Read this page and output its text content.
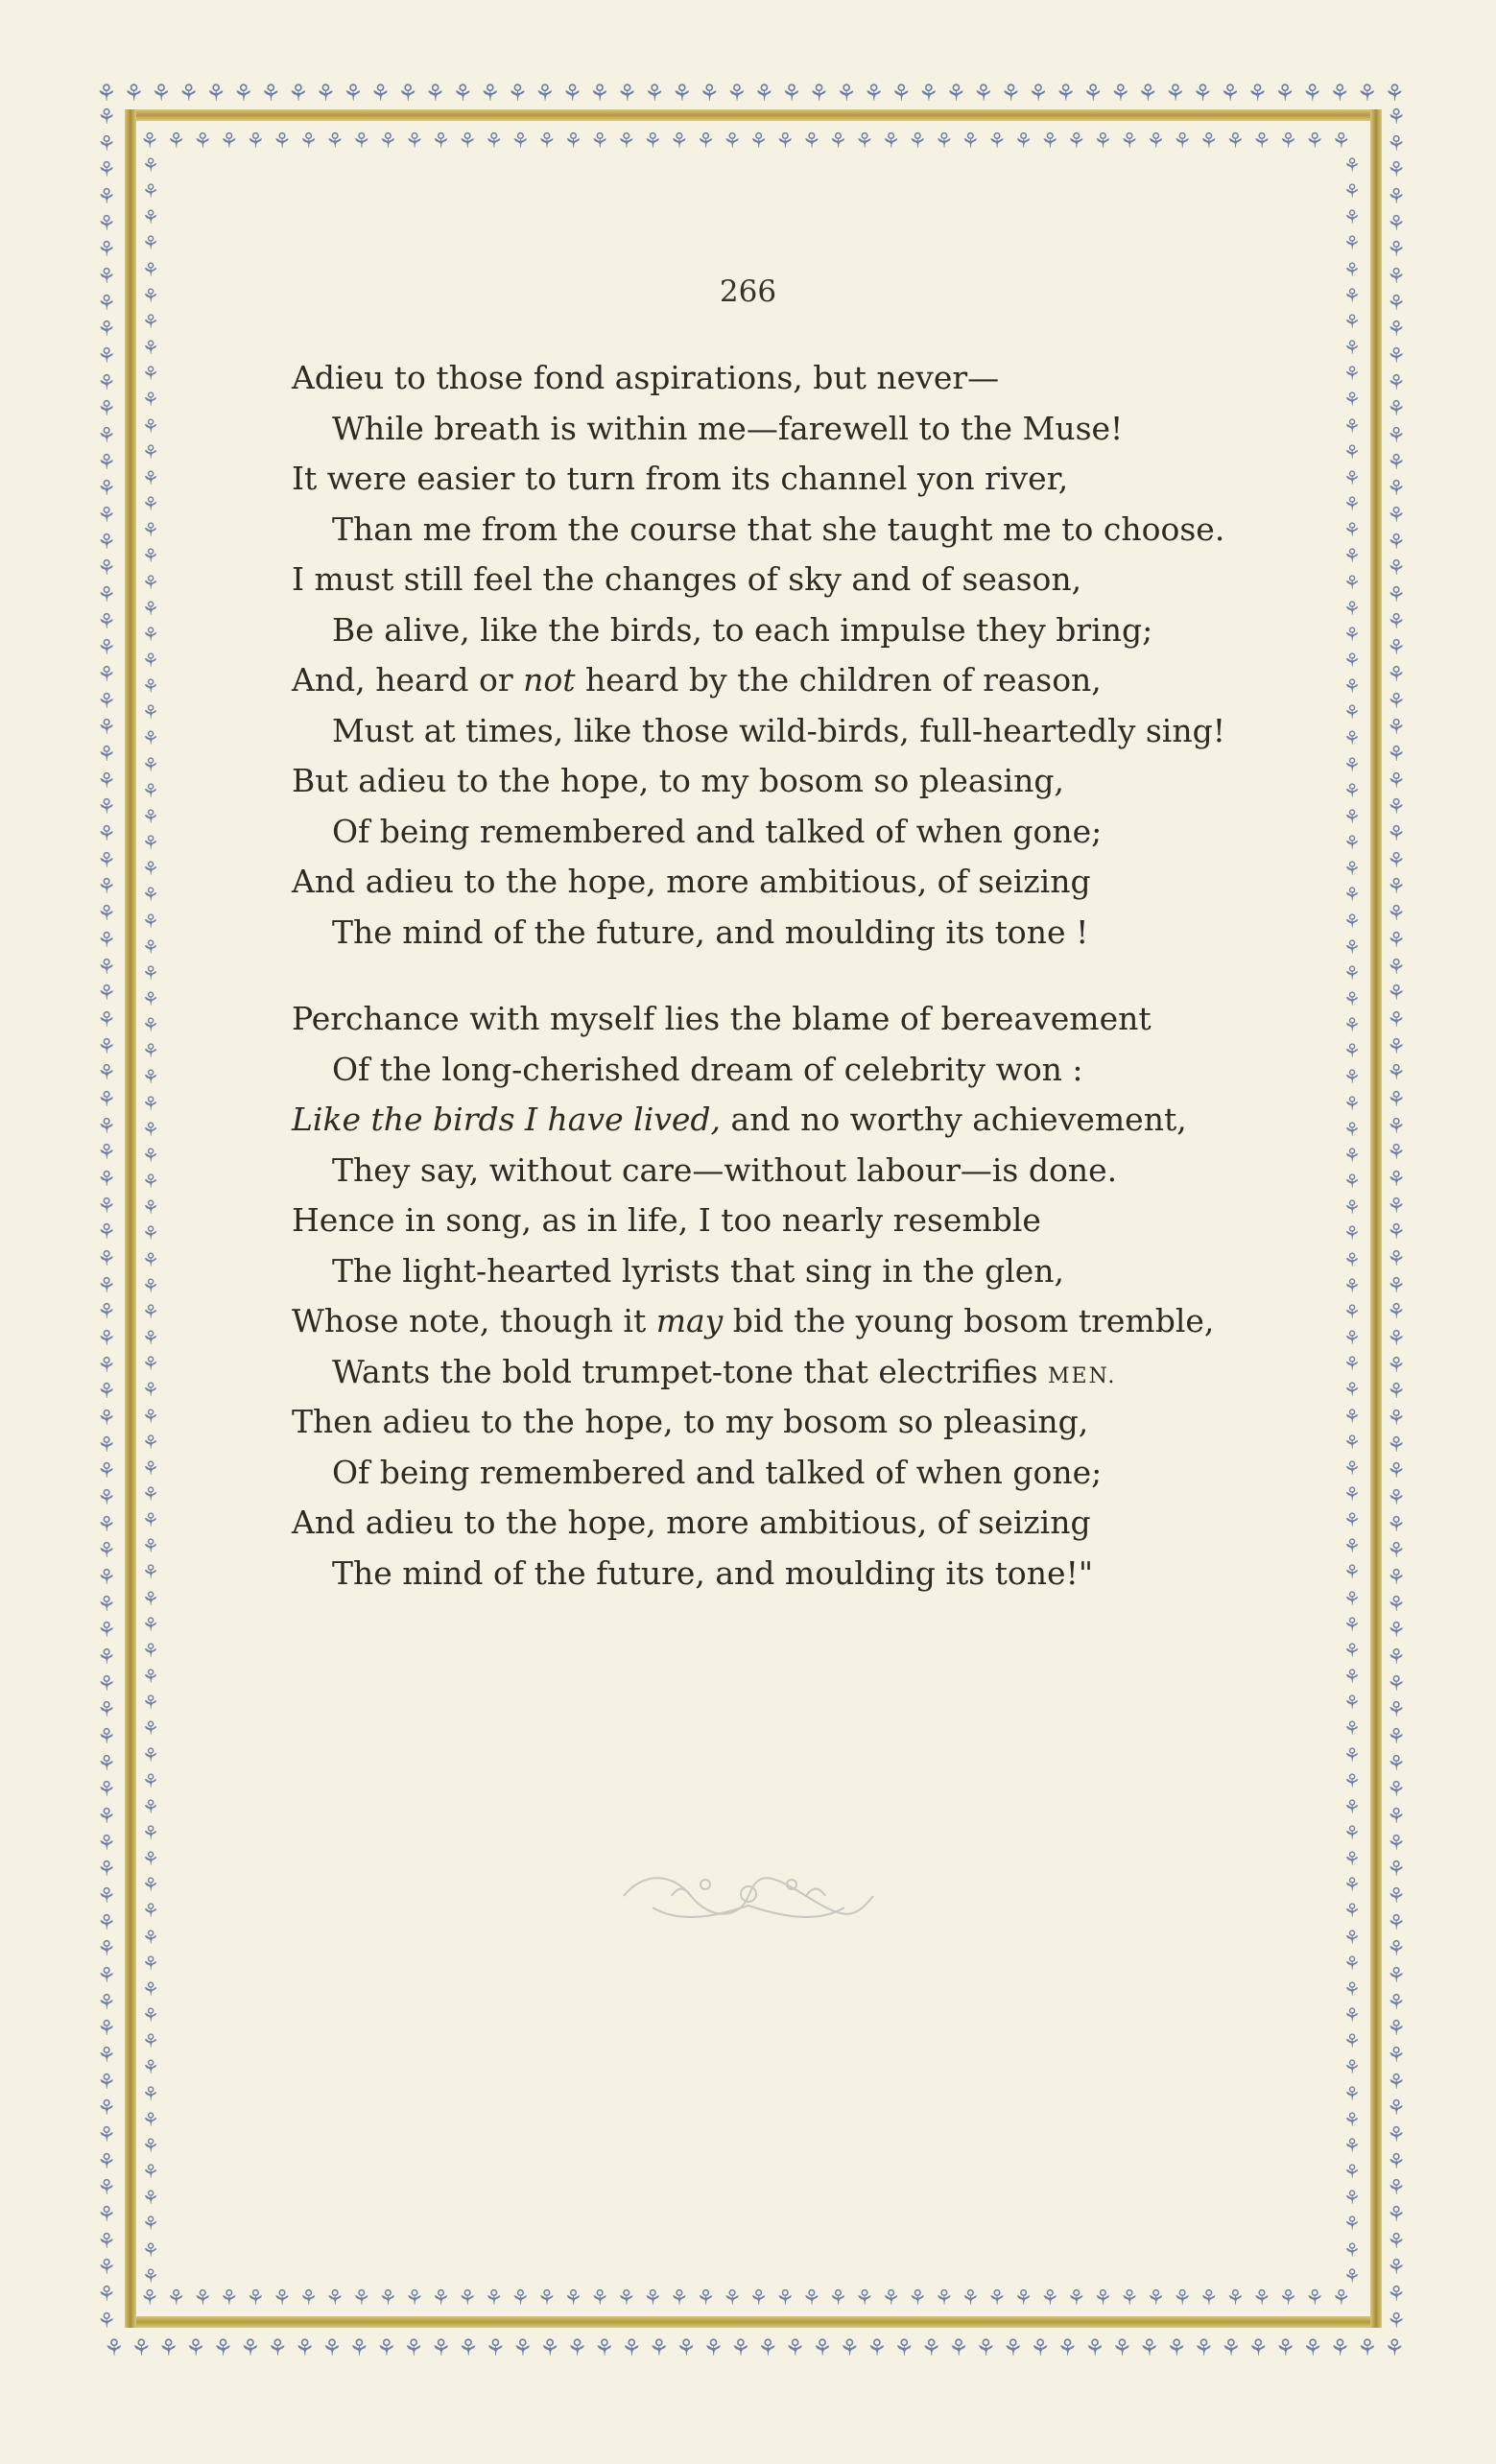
⚘ ⚘ ⚘ ⚘ ⚘ ⚘ ⚘ ⚘ ⚘ ⚘ ⚘ ⚘ ⚘ ⚘ ⚘ ⚘ ⚘ ⚘ ⚘ ⚘ ⚘ ⚘ ⚘ ⚘ ⚘ ⚘ ⚘ ⚘ ⚘ ⚘ ⚘ ⚘ ⚘ ⚘ ⚘ ⚘ ⚘ ⚘ ⚘ ⚘ ⚘ ⚘ ⚘ ⚘ ⚘ ⚘ ⚘ ⚘
⚘ ⚘ ⚘ ⚘ ⚘ ⚘ ⚘ ⚘ ⚘ ⚘ ⚘ ⚘ ⚘ ⚘ ⚘ ⚘ ⚘ ⚘ ⚘ ⚘ ⚘ ⚘ ⚘ ⚘ ⚘ ⚘ ⚘ ⚘ ⚘ ⚘ ⚘ ⚘ ⚘ ⚘ ⚘ ⚘ ⚘ ⚘ ⚘ ⚘ ⚘ ⚘ ⚘ ⚘ ⚘ ⚘ ⚘ ⚘
⚘
⚘
⚘
⚘
⚘
⚘
⚘
⚘
⚘
⚘
⚘
⚘
⚘
⚘
⚘
⚘
⚘
⚘
⚘
⚘
⚘
⚘
⚘
⚘
⚘
⚘
⚘
⚘
⚘
⚘
⚘
⚘
⚘
⚘
⚘
⚘
⚘
⚘
⚘
⚘
⚘
⚘
⚘
⚘
⚘
⚘
⚘
⚘
⚘
⚘
⚘
⚘
⚘
⚘
⚘
⚘
⚘
⚘
⚘
⚘
⚘
⚘
⚘
⚘
⚘
⚘
⚘
⚘
⚘
⚘
⚘
⚘
⚘
⚘
⚘
⚘
⚘
⚘
⚘
⚘
⚘
⚘
⚘
⚘
⚘
⚘
⚘
⚘
⚘
⚘
⚘
⚘
⚘
⚘
⚘
⚘
⚘
⚘
⚘
⚘
⚘
⚘
⚘
⚘
⚘
⚘
⚘
⚘
⚘
⚘
⚘
⚘
⚘
⚘
⚘
⚘
⚘
⚘
⚘
⚘
⚘
⚘
⚘
⚘
⚘
⚘
⚘
⚘
⚘
⚘
⚘
⚘
⚘
⚘
⚘
⚘
⚘
⚘
⚘
⚘
⚘
⚘
⚘
⚘
⚘
⚘
⚘
⚘
⚘
⚘
⚘
⚘
⚘
⚘
⚘
⚘
⚘
⚘
⚘
⚘
⚘
⚘
⚘
⚘
⚘
⚘
⚘
⚘
⚘ ⚘ ⚘ ⚘ ⚘ ⚘ ⚘ ⚘ ⚘ ⚘ ⚘ ⚘ ⚘ ⚘ ⚘ ⚘ ⚘ ⚘ ⚘ ⚘ ⚘ ⚘ ⚘ ⚘ ⚘ ⚘ ⚘ ⚘ ⚘ ⚘ ⚘ ⚘ ⚘ ⚘ ⚘ ⚘ ⚘ ⚘ ⚘ ⚘ ⚘ ⚘ ⚘ ⚘ ⚘ ⚘
⚘ ⚘ ⚘ ⚘ ⚘ ⚘ ⚘ ⚘ ⚘ ⚘ ⚘ ⚘ ⚘ ⚘ ⚘ ⚘ ⚘ ⚘ ⚘ ⚘ ⚘ ⚘ ⚘ ⚘ ⚘ ⚘ ⚘ ⚘ ⚘ ⚘ ⚘ ⚘ ⚘ ⚘ ⚘ ⚘ ⚘ ⚘ ⚘ ⚘ ⚘ ⚘ ⚘ ⚘ ⚘ ⚘
⚘
⚘
⚘
⚘
⚘
⚘
⚘
⚘
⚘
⚘
⚘
⚘
⚘
⚘
⚘
⚘
⚘
⚘
⚘
⚘
⚘
⚘
⚘
⚘
⚘
⚘
⚘
⚘
⚘
⚘
⚘
⚘
⚘
⚘
⚘
⚘
⚘
⚘
⚘
⚘
⚘
⚘
⚘
⚘
⚘
⚘
⚘
⚘
⚘
⚘
⚘
⚘
⚘
⚘
⚘
⚘
⚘
⚘
⚘
⚘
⚘
⚘
⚘
⚘
⚘
⚘
⚘
⚘
⚘
⚘
⚘
⚘
⚘
⚘
⚘
⚘
⚘
⚘
⚘
⚘
⚘
⚘
⚘
⚘
⚘
⚘
⚘
⚘
⚘
⚘
⚘
⚘
⚘
⚘
⚘
⚘
⚘
⚘
⚘
⚘
⚘
⚘
⚘
⚘
⚘
⚘
⚘
⚘
⚘
⚘
⚘
⚘
⚘
⚘
⚘
⚘
⚘
⚘
⚘
⚘
⚘
⚘
⚘
⚘
⚘
⚘
⚘
⚘
⚘
⚘
⚘
⚘
⚘
⚘
⚘
⚘
⚘
⚘
⚘
⚘
⚘
⚘
⚘
⚘
⚘
⚘
⚘
⚘
⚘
⚘
⚘
⚘
⚘
⚘
⚘
⚘
⚘
⚘
⚘
⚘
⚘
⚘
⚘
⚘
266
Adieu to those fond aspirations, but never—
While breath is within me—farewell to the Muse!
It were easier to turn from its channel yon river,
Than me from the course that she taught me to choose.
I must still feel the changes of sky and of season,
Be alive, like the birds, to each impulse they bring;
And, heard or not heard by the children of reason,
Must at times, like those wild-birds, full-heartedly sing!
But adieu to the hope, to my bosom so pleasing,
Of being remembered and talked of when gone;
And adieu to the hope, more ambitious, of seizing
The mind of the future, and moulding its tone !
Perchance with myself lies the blame of bereavement
Of the long-cherished dream of celebrity won :
Like the birds I have lived, and no worthy achievement,
They say, without care—without labour—is done.
Hence in song, as in life, I too nearly resemble
The light-hearted lyrists that sing in the glen,
Whose note, though it may bid the young bosom tremble,
Wants the bold trumpet-tone that electrifies MEN.
Then adieu to the hope, to my bosom so pleasing,
Of being remembered and talked of when gone;
And adieu to the hope, more ambitious, of seizing
The mind of the future, and moulding its tone!"
